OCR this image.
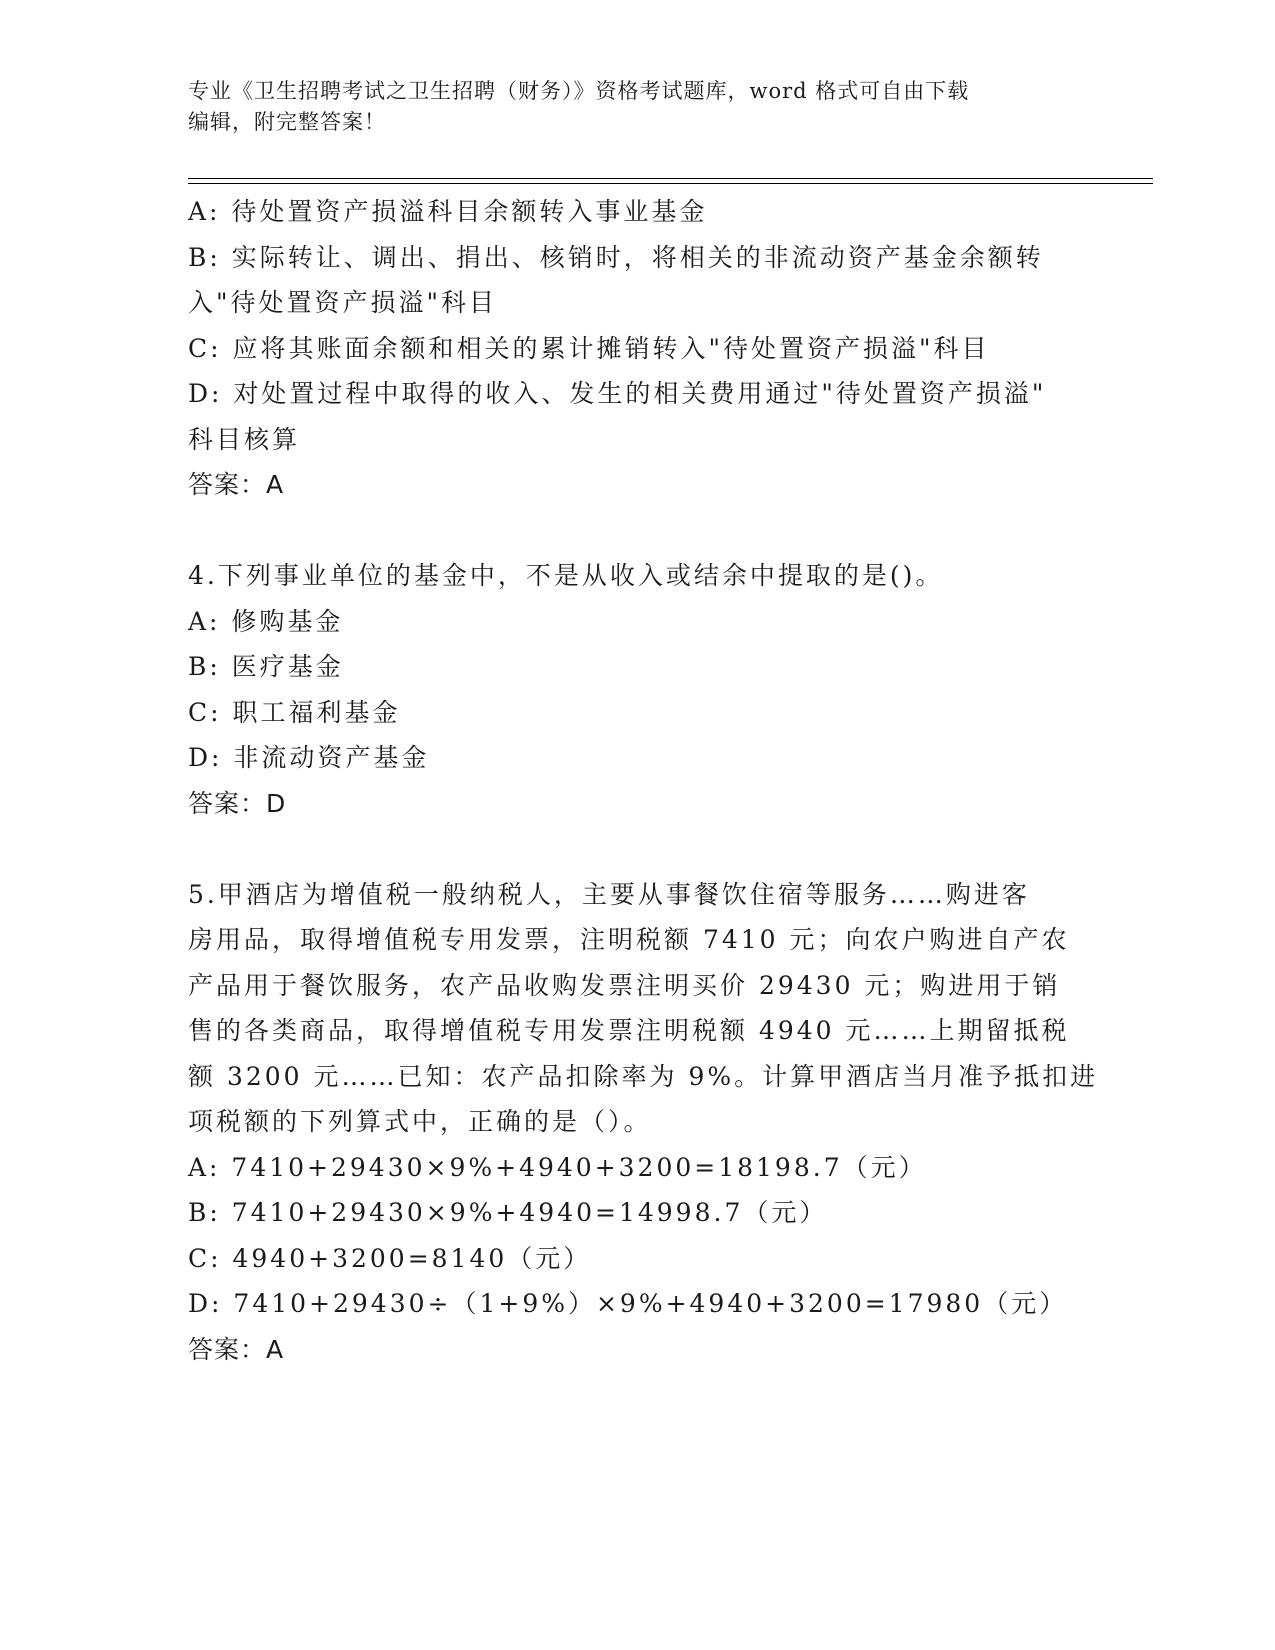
专业《卫生招聘考试之卫生招聘（财务）》资格考试题库，word 格式可自由下载
编辑，附完整答案！
A: 待处置资产损溢科目余额转入事业基金
B: 实际转让、调出、捐出、核销时，将相关的非流动资产基金余额转
入"待处置资产损溢"科目
C: 应将其账面余额和相关的累计摊销转入"待处置资产损溢"科目
D: 对处置过程中取得的收入、发生的相关费用通过"待处置资产损溢"
科目核算
答案：A
4.下列事业单位的基金中，不是从收入或结余中提取的是()。
A: 修购基金
B: 医疗基金
C: 职工福利基金
D: 非流动资产基金
答案：D
5.甲酒店为增值税一般纳税人，主要从事餐饮住宿等服务……购进客
房用品，取得增值税专用发票，注明税额 7410 元；向农户购进自产农
产品用于餐饮服务，农产品收购发票注明买价 29430 元；购进用于销
售的各类商品，取得增值税专用发票注明税额 4940 元……上期留抵税
额 3200 元……已知：农产品扣除率为 9%。计算甲酒店当月准予抵扣进
项税额的下列算式中，正确的是（）。
A: 7410+29430×9%+4940+3200=18198.7（元）
B: 7410+29430×9%+4940=14998.7（元）
C: 4940+3200=8140（元）
D: 7410+29430÷（1+9%）×9%+4940+3200=17980（元）
答案：A
